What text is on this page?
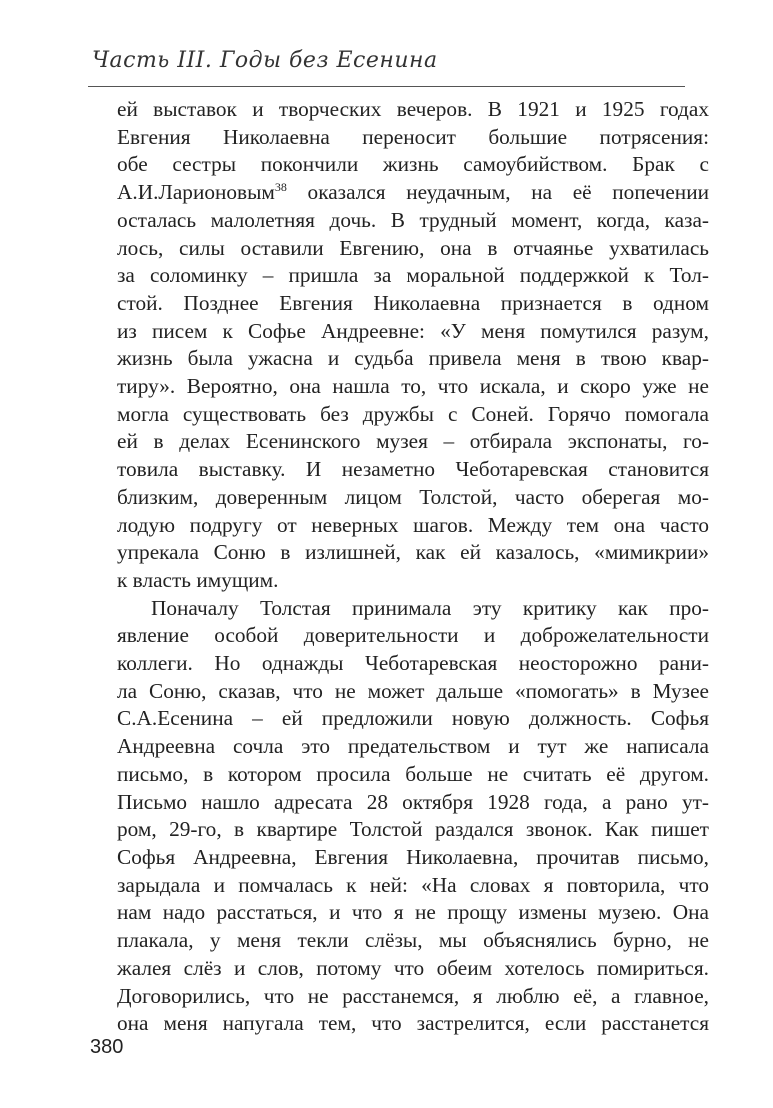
Часть III. Годы без Есенина

ей выставок и творческих вечеров. В 1921 и 1925 годах

Евгения Николаевна переносит большие потрясения:

обе сестры покончили жизнь самоубийством. Брак с

А.И.Ларионовым$^{38}$ оказался неудачным, на её попечении

осталась малолетняя дочь. В трудный момент, когда, каза-

лось, силы оставили Евгению, она в отчаянье ухватилась

за соломинку – пришла за моральной поддержкой к Тол-

стой. Позднее Евгения Николаевна признается в одном

из писем к Софье Андреевне: «У меня помутился разум,

жизнь была ужасна и судьба привела меня в твою квар-

тиру». Вероятно, она нашла то, что искала, и скоро уже не

могла существовать без дружбы с Соней. Горячо помогала

ей в делах Есенинского музея – отбирала экспонаты, го-

товила выставку. И незаметно Чеботаревская становится

близким, доверенным лицом Толстой, часто оберегая мо-

лодую подругу от неверных шагов. Между тем она часто

упрекала Соню в излишней, как ей казалось, «мимикрии»

к власть имущим.

Поначалу Толстая принимала эту критику как про-

явление особой доверительности и доброжелательности

коллеги. Но однажды Чеботаревская неосторожно рани-

ла Соню, сказав, что не может дальше «помогать» в Музее

С.А.Есенина – ей предложили новую должность. Софья

Андреевна сочла это предательством и тут же написала

письмо, в котором просила больше не считать её другом.

Письмо нашло адресата 28 октября 1928 года, а рано ут-

ром, 29-го, в квартире Толстой раздался звонок. Как пишет

Софья Андреевна, Евгения Николаевна, прочитав письмо,

зарыдала и помчалась к ней: «На словах я повторила, что

нам надо расстаться, и что я не прощу измены музею. Она

плакала, у меня текли слёзы, мы объяснялись бурно, не

жалея слёз и слов, потому что обеим хотелось помириться.

Договорились, что не расстанемся, я люблю её, а главное,

она меня напугала тем, что застрелится, если расстанется

380
